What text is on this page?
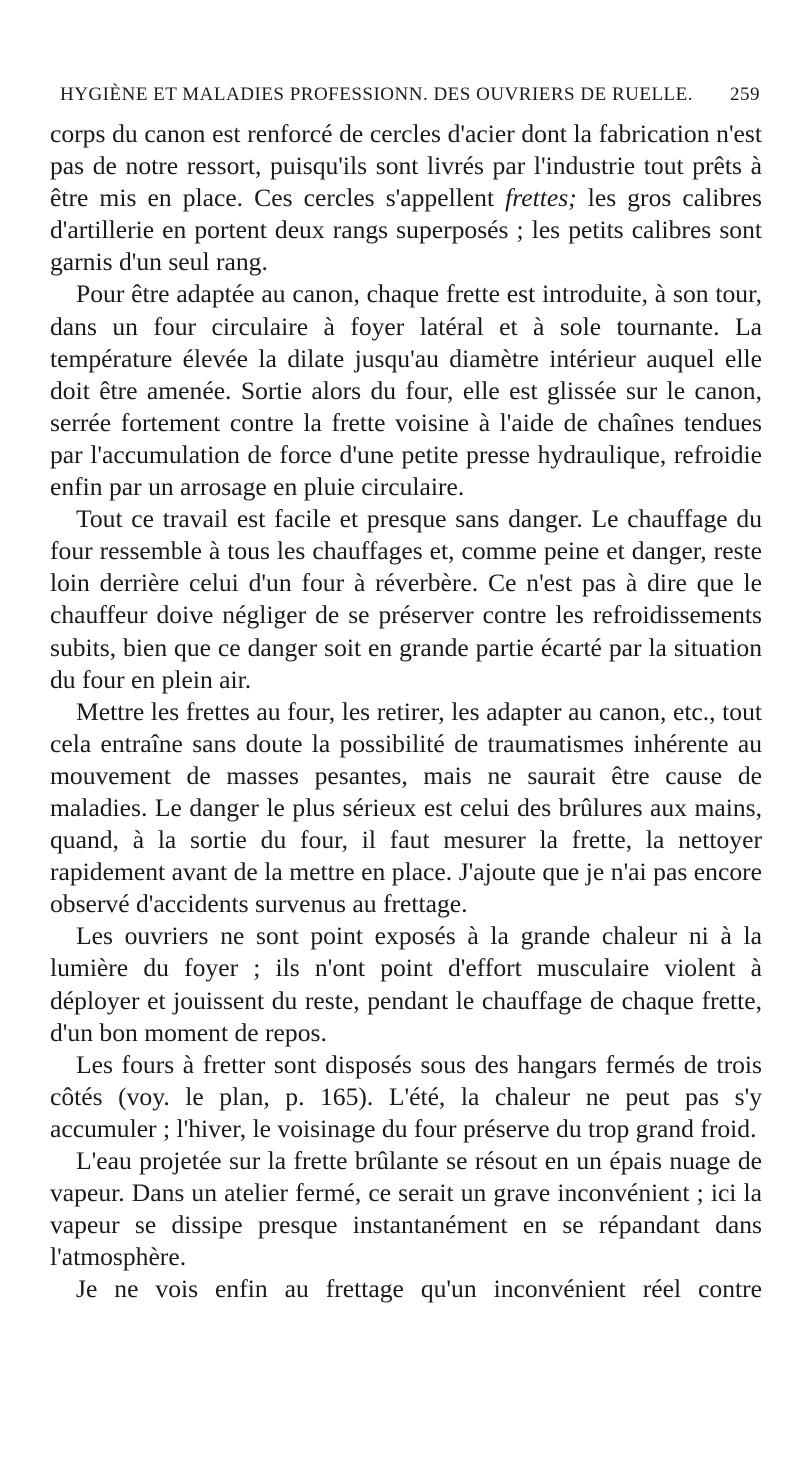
HYGIÈNE ET MALADIES PROFESSIONN. DES OUVRIERS DE RUELLE. 259

corps du canon est renforcé de cercles d'acier dont la fabrication n'est pas de notre ressort, puisqu'ils sont livrés par l'industrie tout prêts à être mis en place. Ces cercles s'appellent frettes; les gros calibres d'artillerie en portent deux rangs superposés ; les petits calibres sont garnis d'un seul rang.

Pour être adaptée au canon, chaque frette est introduite, à son tour, dans un four circulaire à foyer latéral et à sole tournante. La température élevée la dilate jusqu'au diamètre intérieur auquel elle doit être amenée. Sortie alors du four, elle est glissée sur le canon, serrée fortement contre la frette voisine à l'aide de chaînes tendues par l'accumulation de force d'une petite presse hydraulique, refroidie enfin par un arrosage en pluie circulaire.

Tout ce travail est facile et presque sans danger. Le chauffage du four ressemble à tous les chauffages et, comme peine et danger, reste loin derrière celui d'un four à réverbère. Ce n'est pas à dire que le chauffeur doive négliger de se préserver contre les refroidissements subits, bien que ce danger soit en grande partie écarté par la situation du four en plein air.

Mettre les frettes au four, les retirer, les adapter au canon, etc., tout cela entraîne sans doute la possibilité de traumatismes inhérente au mouvement de masses pesantes, mais ne saurait être cause de maladies. Le danger le plus sérieux est celui des brûlures aux mains, quand, à la sortie du four, il faut mesurer la frette, la nettoyer rapidement avant de la mettre en place. J'ajoute que je n'ai pas encore observé d'accidents survenus au frettage.

Les ouvriers ne sont point exposés à la grande chaleur ni à la lumière du foyer ; ils n'ont point d'effort musculaire violent à déployer et jouissent du reste, pendant le chauffage de chaque frette, d'un bon moment de repos.

Les fours à fretter sont disposés sous des hangars fermés de trois côtés (voy. le plan, p. 165). L'été, la chaleur ne peut pas s'y accumuler ; l'hiver, le voisinage du four préserve du trop grand froid.

L'eau projetée sur la frette brûlante se résout en un épais nuage de vapeur. Dans un atelier fermé, ce serait un grave inconvénient ; ici la vapeur se dissipe presque instantanément en se répandant dans l'atmosphère.

Je ne vois enfin au frettage qu'un inconvénient réel contre
